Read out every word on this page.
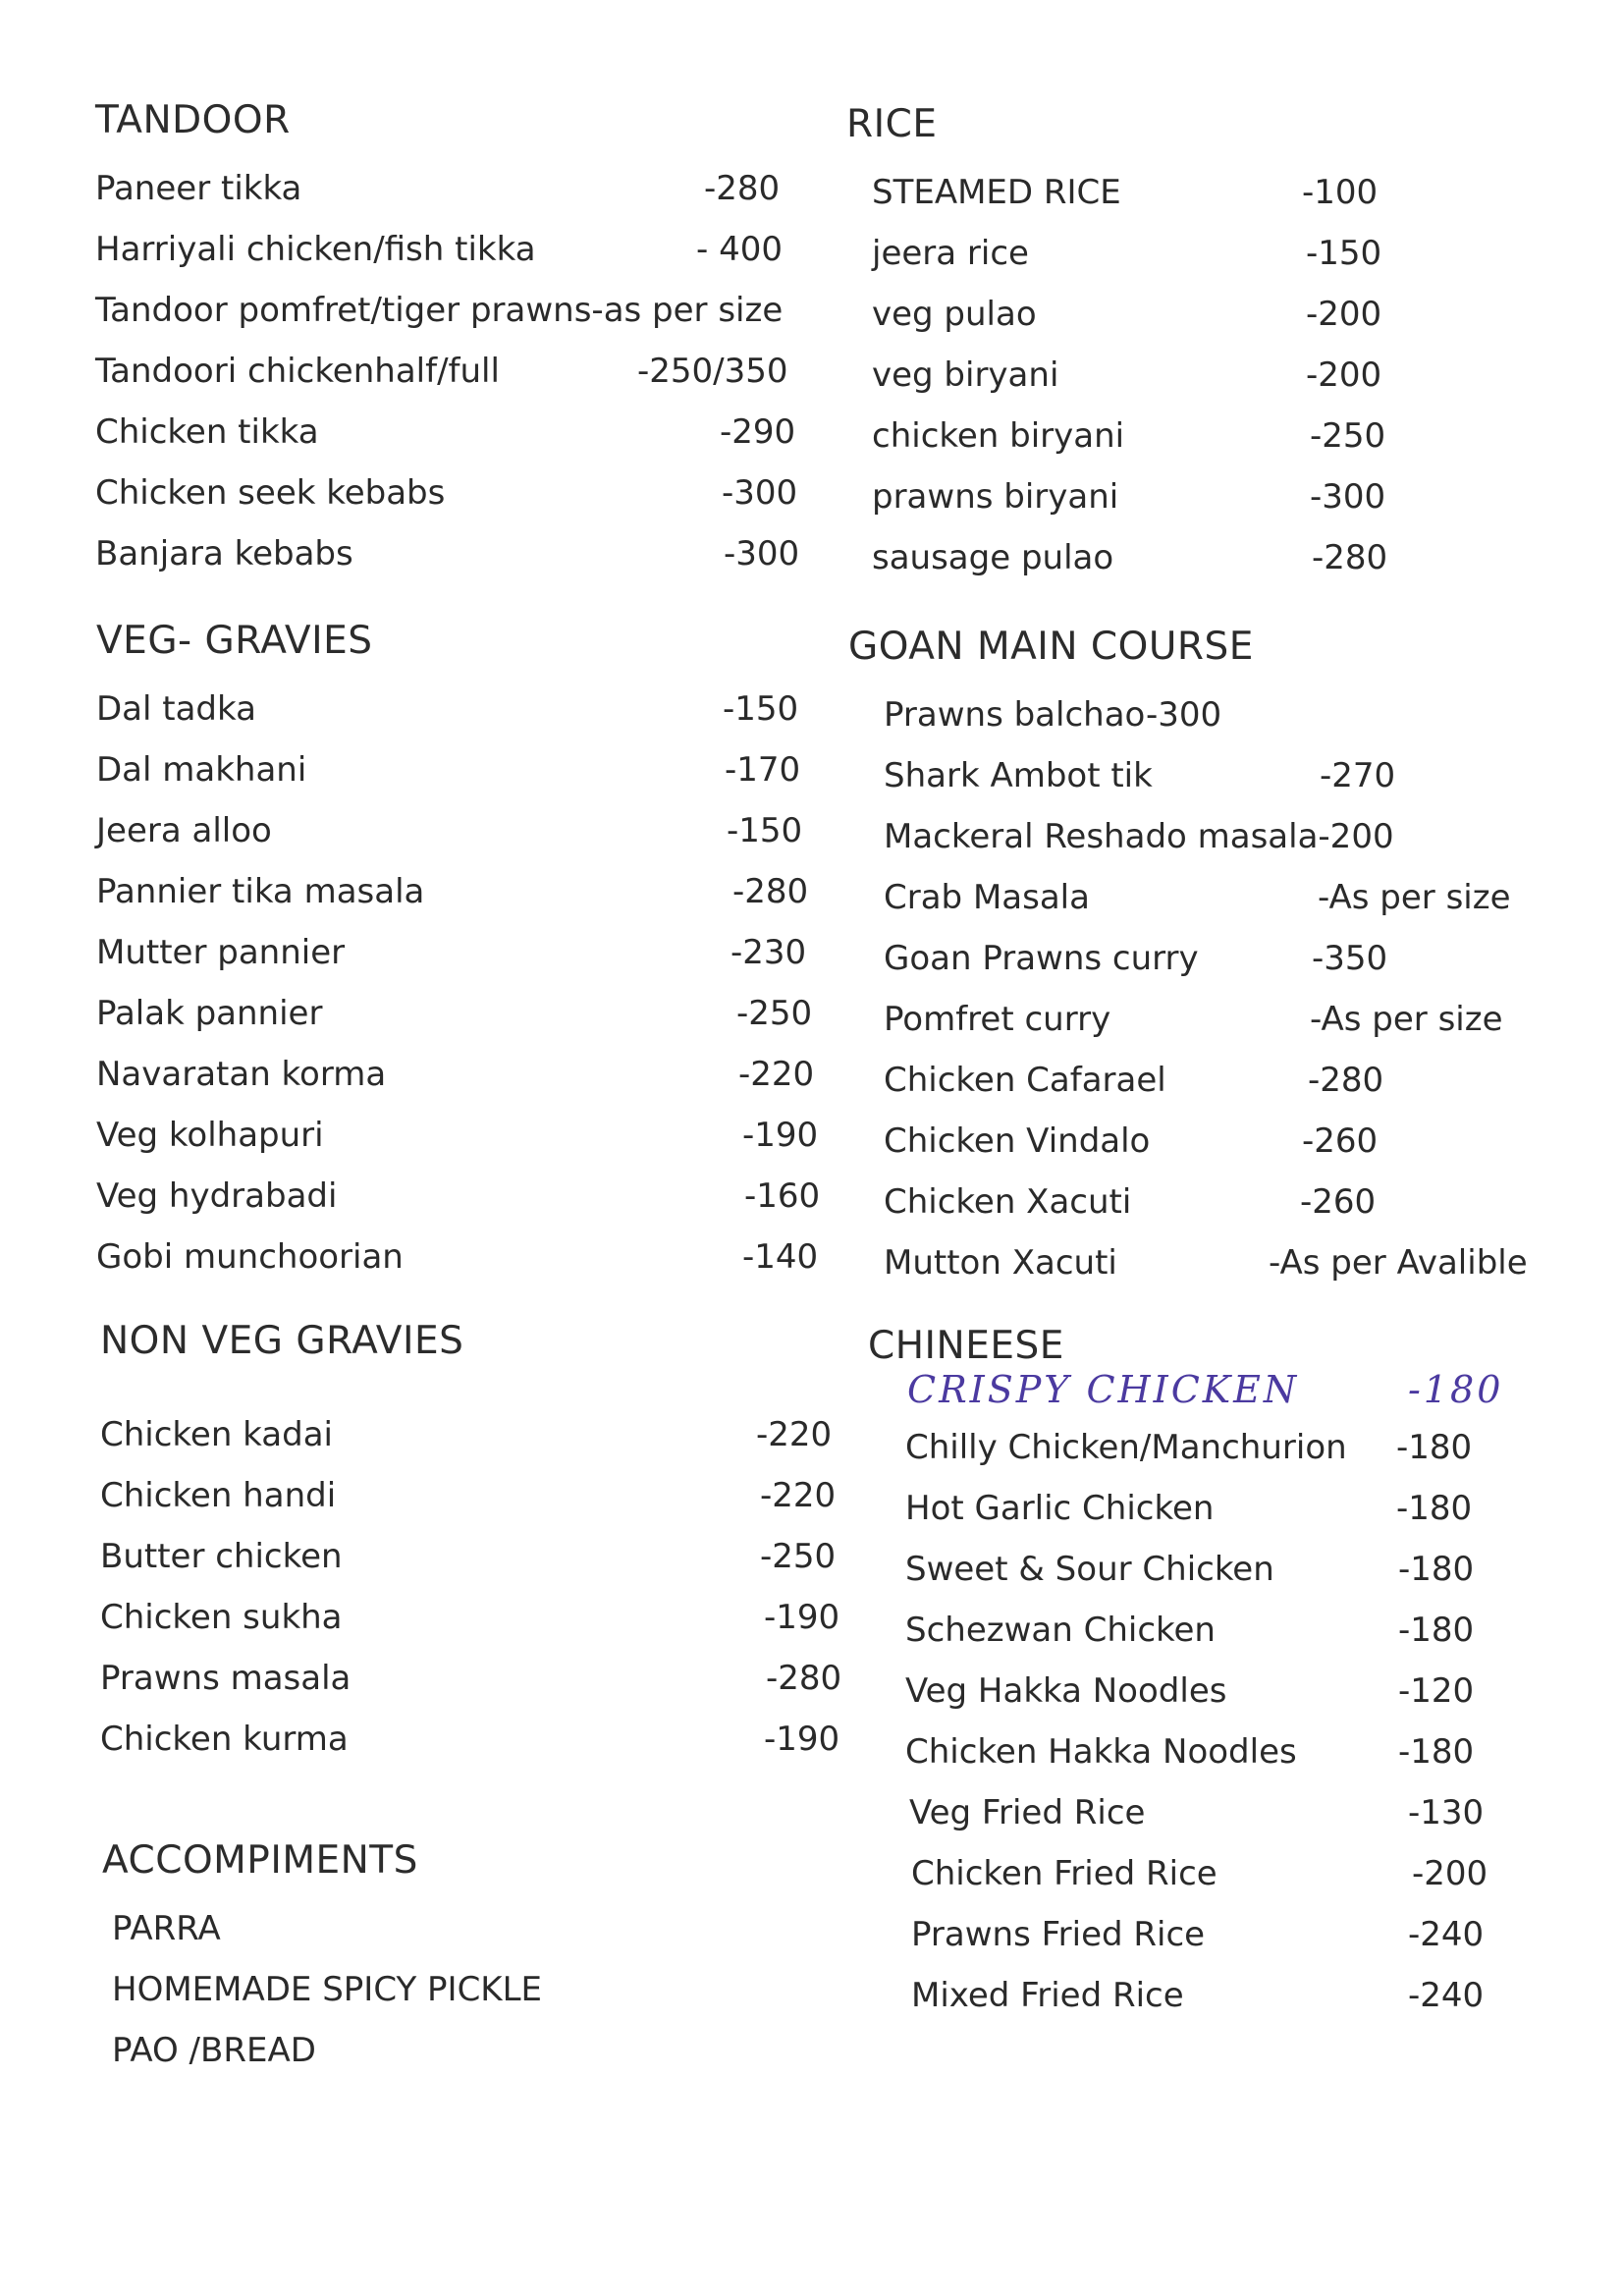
TANDOOR
Paneer tikka	-280
Harriyali chicken/fish tikka	- 400
Tandoor pomfret/tiger prawns-as per size
Tandoori chickenhalf/full	-250/350
Chicken tikka	-290
Chicken seek kebabs	-300
Banjara kebabs	-300
VEG- GRAVIES
Dal tadka	-150
Dal makhani	-170
Jeera alloo	-150
Pannier tika masala	-280
Mutter pannier	-230
Palak pannier	-250
Navaratan korma	-220
Veg kolhapuri	-190
Veg hydrabadi	-160
Gobi munchoorian	-140
NON VEG GRAVIES
Chicken kadai	-220
Chicken handi	-220
Butter chicken	-250
Chicken sukha	-190
Prawns masala	-280
Chicken kurma	-190
ACCOMPIMENTS
PARRA
HOMEMADE SPICY PICKLE
PAO /BREAD
RICE
STEAMED RICE	-100
jeera rice	-150
veg pulao	-200
veg biryani	-200
chicken biryani	-250
prawns biryani	-300
sausage pulao	-280
GOAN MAIN COURSE
Prawns balchao-300
Shark Ambot tik	-270
Mackeral Reshado masala-200
Crab Masala	-As per size
Goan Prawns curry	-350
Pomfret curry	-As per size
Chicken Cafarael	-280
Chicken Vindalo	-260
Chicken Xacuti	-260
Mutton Xacuti	-As per Avalible
CHINEESE
CRISPY CHICKEN	-180
Chilly Chicken/Manchurion -180
Hot Garlic Chicken	-180
Sweet & Sour Chicken	-180
Schezwan Chicken	-180
Veg Hakka Noodles	-120
Chicken Hakka Noodles	-180
Veg Fried Rice	-130
Chicken Fried Rice	-200
Prawns Fried Rice	-240
Mixed Fried Rice	-240
